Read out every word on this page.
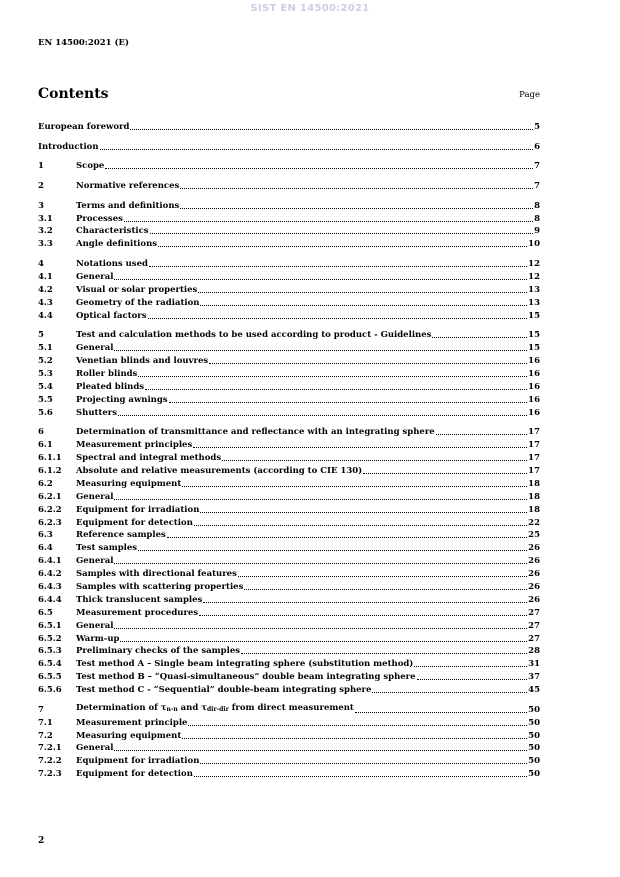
SIST EN 14500:2021
EN 14500:2021 (E)
Contents	Page
European foreword	5
Introduction	6
1	Scope	7
2	Normative references	7
3	Terms and definitions	8
3.1	Processes	8
3.2	Characteristics	9
3.3	Angle definitions	10
4	Notations used	12
4.1	General	12
4.2	Visual or solar properties	13
4.3	Geometry of the radiation	13
4.4	Optical factors	15
5	Test and calculation methods to be used according to product - Guidelines	15
5.1	General	15
5.2	Venetian blinds and louvres	16
5.3	Roller blinds	16
5.4	Pleated blinds	16
5.5	Projecting awnings	16
5.6	Shutters	16
6	Determination of transmittance and reflectance with an integrating sphere	17
6.1	Measurement principles	17
6.1.1	Spectral and integral methods	17
6.1.2	Absolute and relative measurements (according to CIE 130)	17
6.2	Measuring equipment	18
6.2.1	General	18
6.2.2	Equipment for irradiation	18
6.2.3	Equipment for detection	22
6.3	Reference samples	25
6.4	Test samples	26
6.4.1	General	26
6.4.2	Samples with directional features	26
6.4.3	Samples with scattering properties	26
6.4.4	Thick translucent samples	26
6.5	Measurement procedures	27
6.5.1	General	27
6.5.2	Warm-up	27
6.5.3	Preliminary checks of the samples	28
6.5.4	Test method A – Single beam integrating sphere (substitution method)	31
6.5.5	Test method B – “Quasi-simultaneous” double beam integrating sphere	37
6.5.6	Test method C - “Sequential” double-beam integrating sphere	45
7	Determination of $\tau_{n-n}$ and $\tau_{dir-dir}$ from direct measurement	50
7.1	Measurement principle	50
7.2	Measuring equipment	50
7.2.1	General	50
7.2.2	Equipment for irradiation	50
7.2.3	Equipment for detection	50
2
